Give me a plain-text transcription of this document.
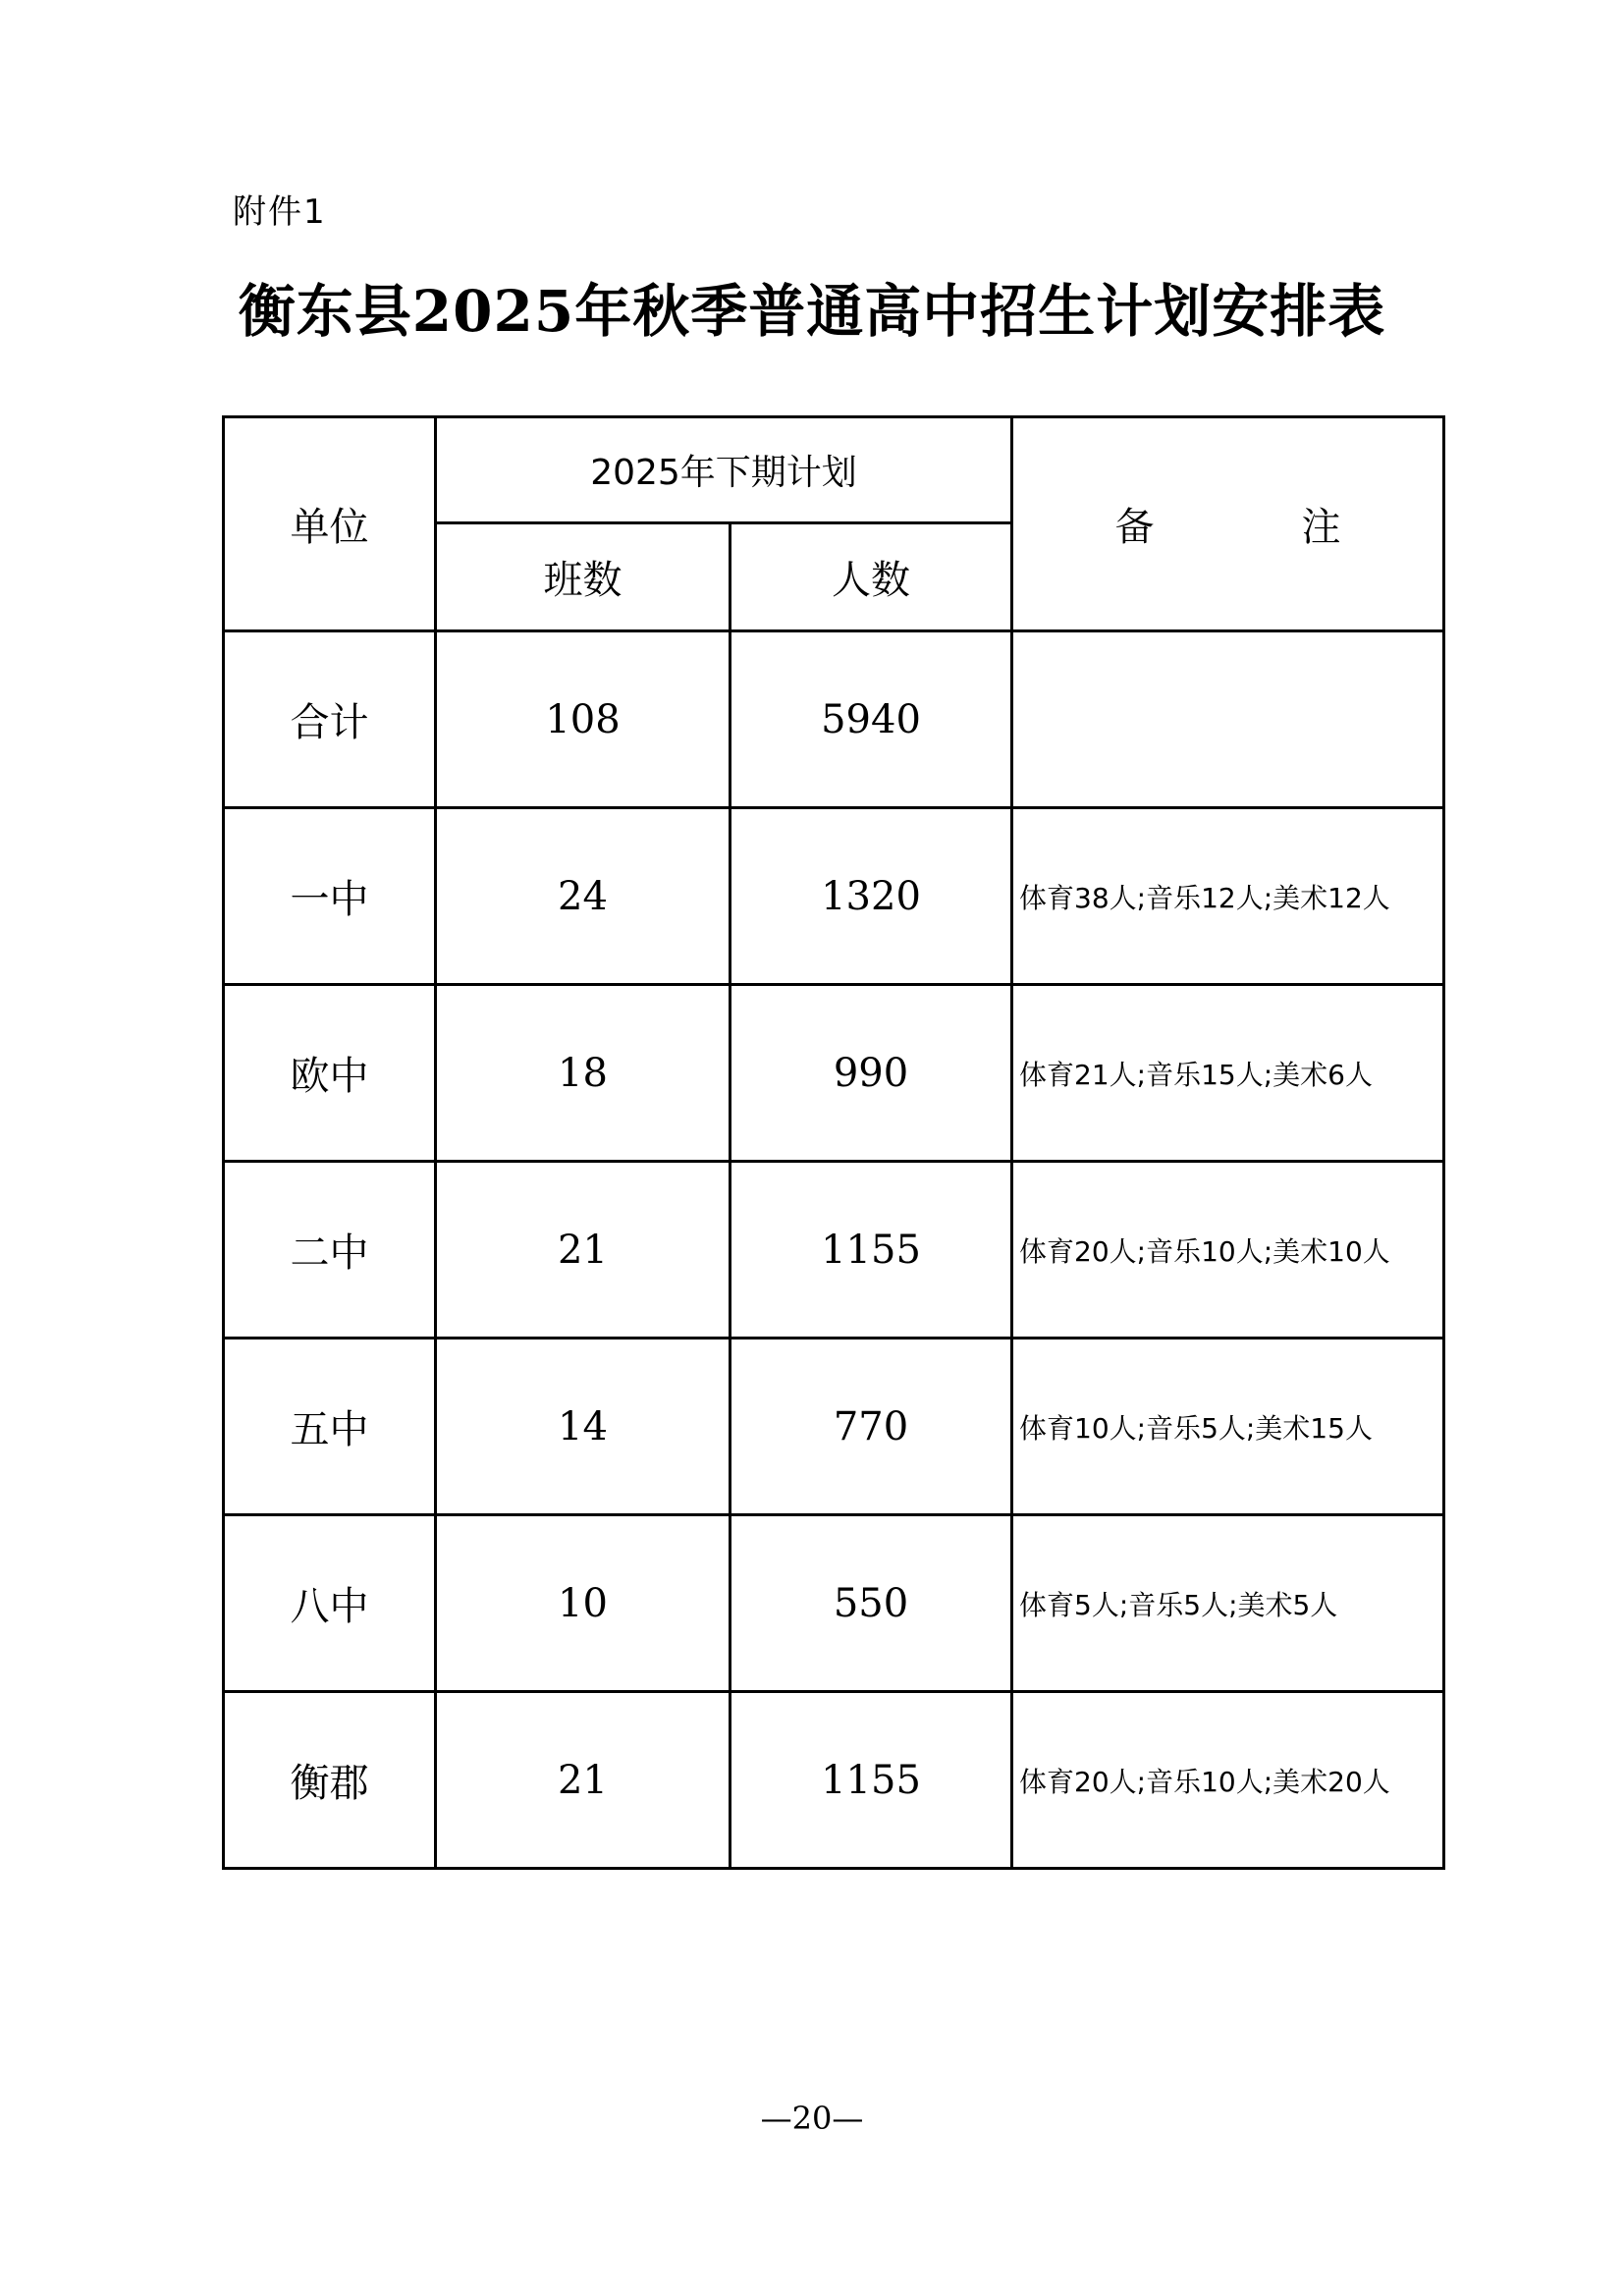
附件1
衡东县2025年秋季普通高中招生计划安排表
单位	2025年下期计划		备 注
	班数	人数	
合计	108	5940	
一中	24	1320	体育38人;音乐12人;美术12人
欧中	18	990	体育21人;音乐15人;美术6人
二中	21	1155	体育20人;音乐10人;美术10人
五中	14	770	体育10人;音乐5人;美术15人
八中	10	550	体育5人;音乐5人;美术5人
衡郡	21	1155	体育20人;音乐10人;美术20人
—20—
